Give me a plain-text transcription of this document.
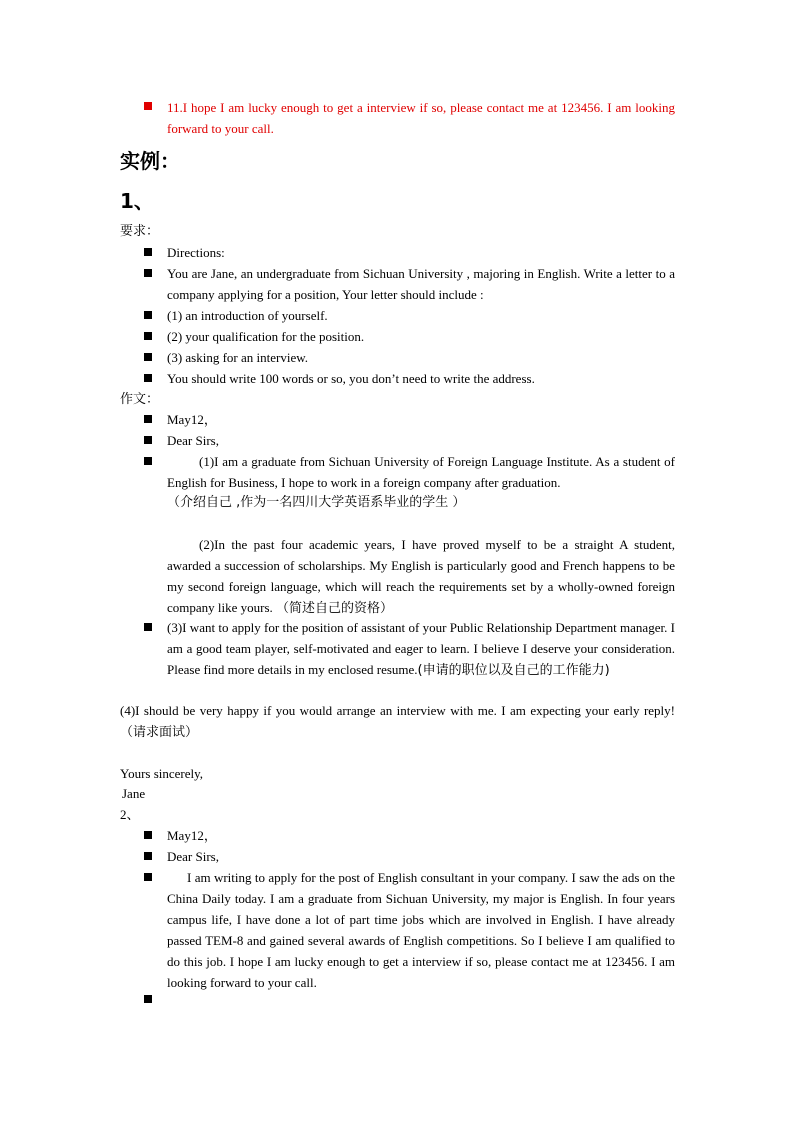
11.I hope I am lucky enough to get a interview if so, please contact me at 123456. I am looking forward to your call.

实例：

1、

要求：

Directions:

You are Jane, an undergraduate from Sichuan University , majoring in English. Write a letter to a company applying for a position, Your letter should include :

(1) an introduction of yourself.

(2) your qualification for the position.

(3) asking for an interview.

You should write 100 words or so, you don’t need to write the address.

作文：

May12，

Dear Sirs,

(1)I am a graduate from Sichuan University of Foreign Language Institute. As a student of English for Business, I hope to work in a foreign company after graduation.

（介绍自己 ,作为一名四川大学英语系毕业的学生 ）

(2)In the past four academic years, I have proved myself to be a straight A student, awarded a succession of scholarships. My English is particularly good and French happens to be my second foreign language, which will reach the requirements set by a wholly-owned foreign company like yours. （简述自己的资格）

(3)I want to apply for the position of assistant of your Public Relationship Department manager. I am a good team player, self-motivated and eager to learn. I believe I deserve your consideration. Please find more details in my enclosed resume.(申请的职位以及自己的工作能力)

(4)I should be very happy if you would arrange an interview with me. I am expecting your early reply!（请求面试）

Yours sincerely,

Jane

2、

May12，

Dear Sirs,

I am writing to apply for the post of English consultant in your company. I saw the ads on the China Daily today. I am a graduate from Sichuan University, my major is English. In four years campus life, I have done a lot of part time jobs which are involved in English. I have already passed TEM-8 and gained several awards of English competitions. So I believe I am qualified to do this job. I hope I am lucky enough to get a interview if so, please contact me at 123456. I am looking forward to your call.
